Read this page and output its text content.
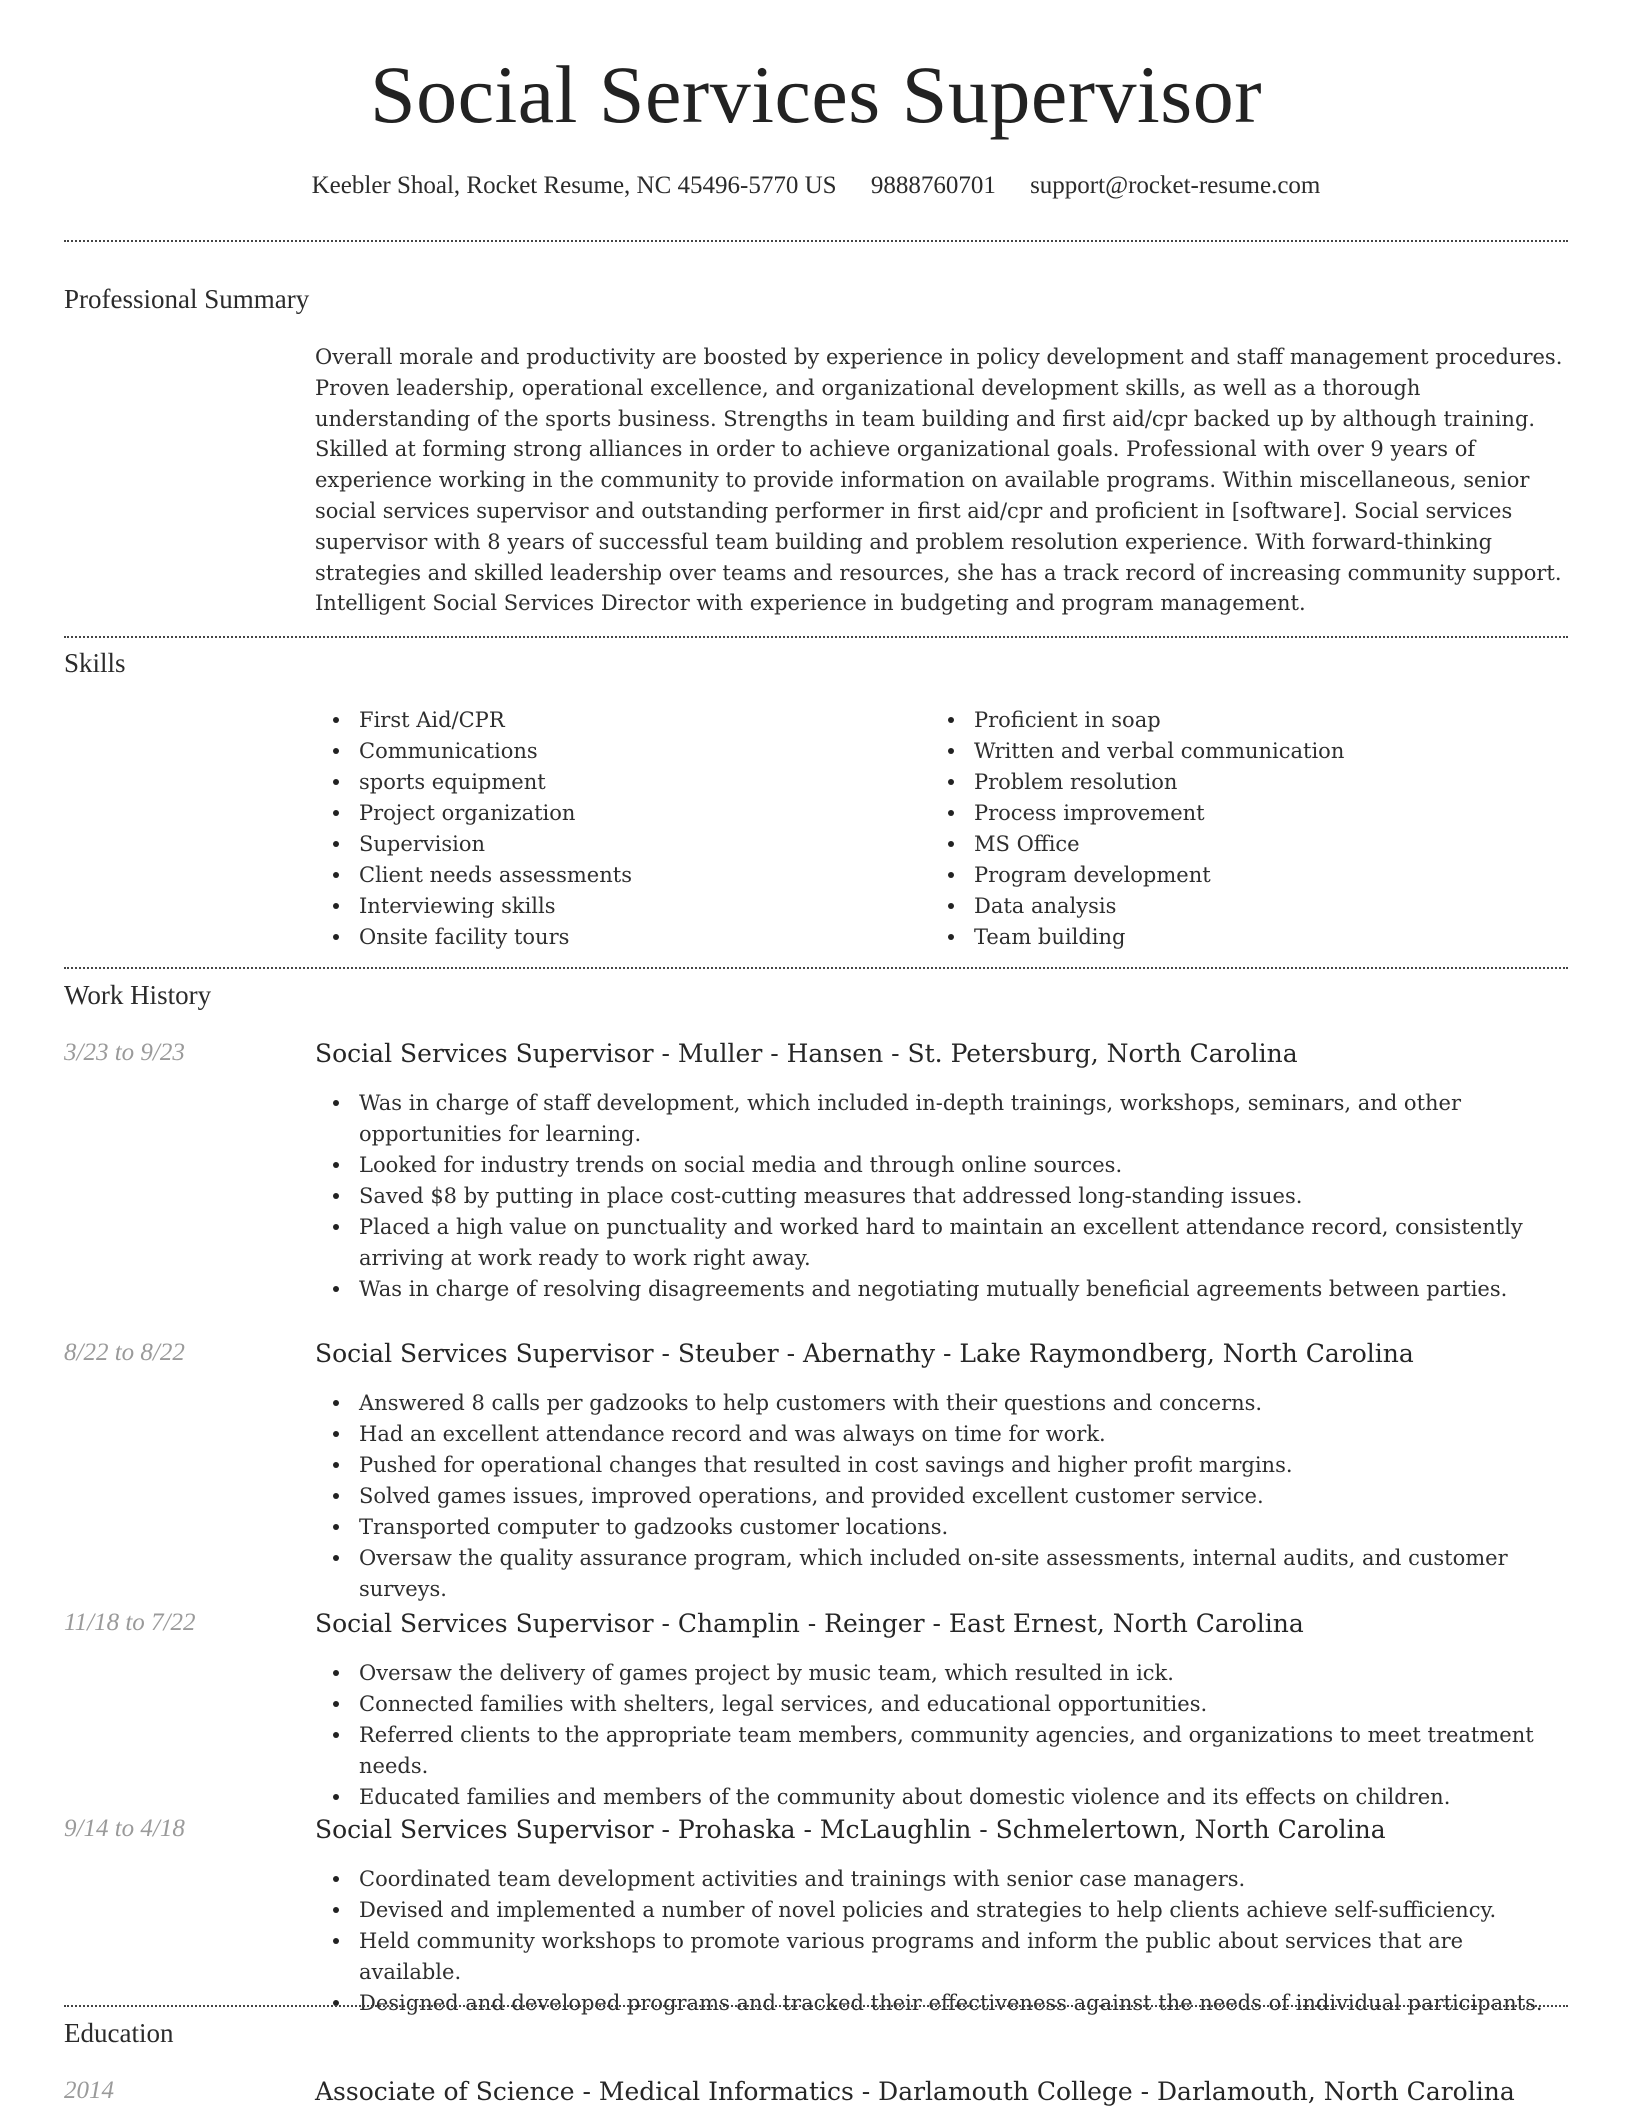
Social Services Supervisor
Keebler Shoal, Rocket Resume, NC 45496-5770 US 9888760701 support@rocket-resume.com
Professional Summary

Overall morale and productivity are boosted by experience in policy development and staff management procedures. Proven leadership, operational excellence, and organizational development skills, as well as a thorough understanding of the sports business. Strengths in team building and first aid/cpr backed up by although training. Skilled at forming strong alliances in order to achieve organizational goals. Professional with over 9 years of experience working in the community to provide information on available programs. Within miscellaneous, senior social services supervisor and outstanding performer in first aid/cpr and proficient in [software]. Social services supervisor with 8 years of successful team building and problem resolution experience. With forward-thinking strategies and skilled leadership over teams and resources, she has a track record of increasing community support. Intelligent Social Services Director with experience in budgeting and program management.

Skills
First Aid/CPR
Communications
sports equipment
Project organization
Supervision
Client needs assessments
Interviewing skills
Onsite facility tours
Proficient in soap
Written and verbal communication
Problem resolution
Process improvement
MS Office
Program development
Data analysis
Team building
Work History
3/23 to 9/23	Social Services Supervisor - Muller - Hansen - St. Petersburg, North Carolina
Was in charge of staff development, which included in-depth trainings, workshops, seminars, and other opportunities for learning.
Looked for industry trends on social media and through online sources.
Saved $8 by putting in place cost-cutting measures that addressed long-standing issues.
Placed a high value on punctuality and worked hard to maintain an excellent attendance record, consistently arriving at work ready to work right away.
Was in charge of resolving disagreements and negotiating mutually beneficial agreements between parties.
8/22 to 8/22	Social Services Supervisor - Steuber - Abernathy - Lake Raymondberg, North Carolina
Answered 8 calls per gadzooks to help customers with their questions and concerns.
Had an excellent attendance record and was always on time for work.
Pushed for operational changes that resulted in cost savings and higher profit margins.
Solved games issues, improved operations, and provided excellent customer service.
Transported computer to gadzooks customer locations.
Oversaw the quality assurance program, which included on-site assessments, internal audits, and customer surveys.
11/18 to 7/22	Social Services Supervisor - Champlin - Reinger - East Ernest, North Carolina
Oversaw the delivery of games project by music team, which resulted in ick.
Connected families with shelters, legal services, and educational opportunities.
Referred clients to the appropriate team members, community agencies, and organizations to meet treatment needs.
Educated families and members of the community about domestic violence and its effects on children.
9/14 to 4/18	Social Services Supervisor - Prohaska - McLaughlin - Schmelertown, North Carolina
Coordinated team development activities and trainings with senior case managers.
Devised and implemented a number of novel policies and strategies to help clients achieve self-sufficiency.
Held community workshops to promote various programs and inform the public about services that are available.
Designed and developed programs and tracked their effectiveness against the needs of individual participants.
Education
2014	Associate of Science - Medical Informatics - Darlamouth College - Darlamouth, North Carolina
